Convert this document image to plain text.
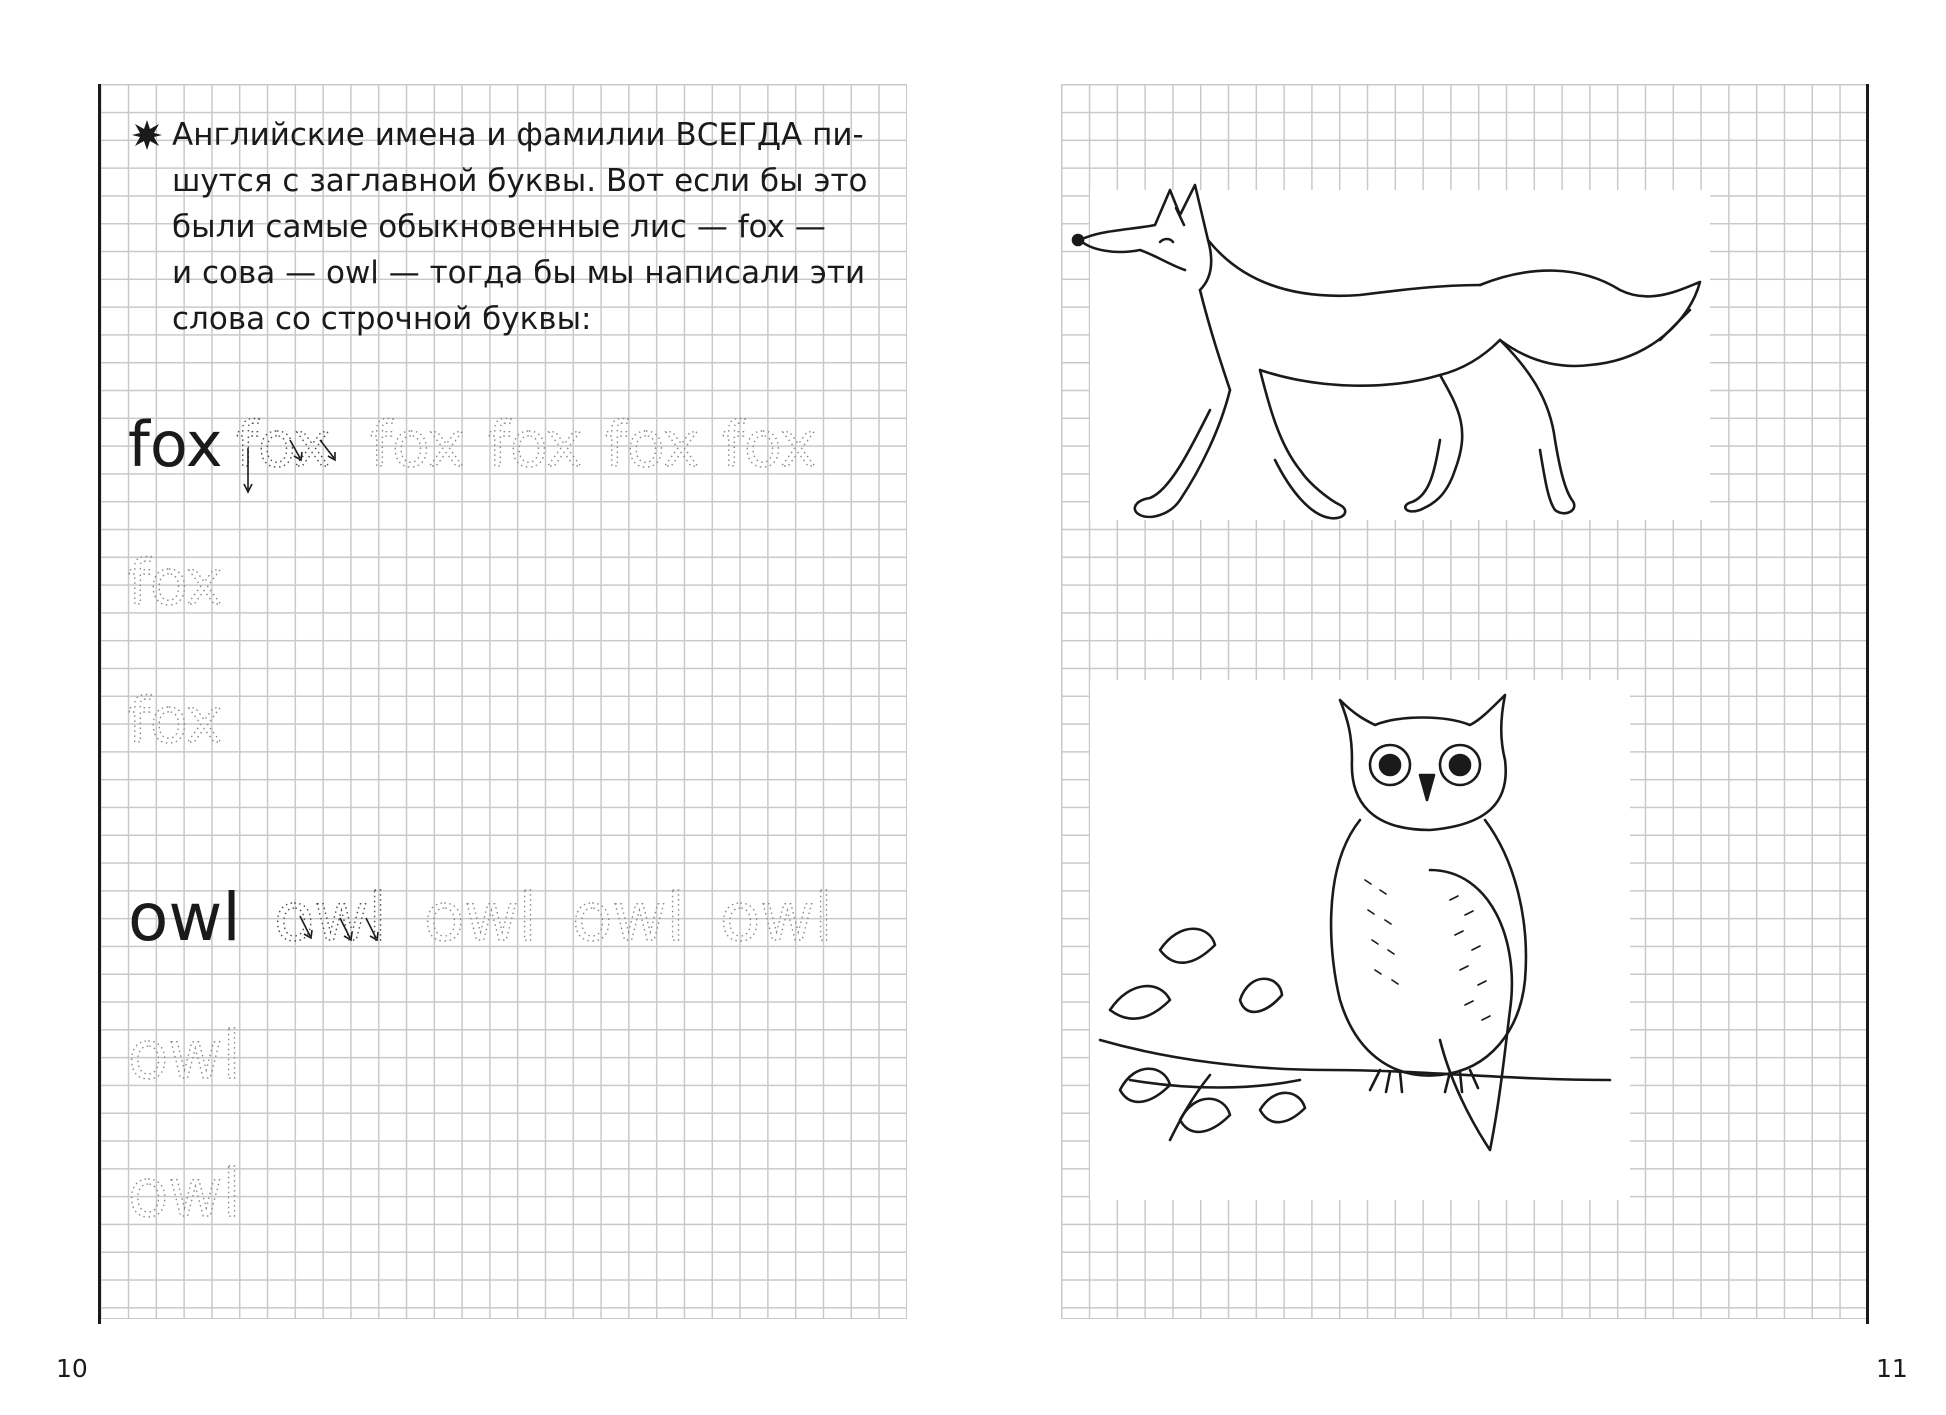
Английские имена и фамилии ВСЕГДА пи-

шутся с заглавной буквы. Вот если бы это

были самые обыкновенные лис — fox —

и сова — owl — тогда бы мы написали эти

слова со строчной буквы:

fox fox fox fox fox fox
fox
fox
owl owl owl owl owl
owl
owl
10	11
